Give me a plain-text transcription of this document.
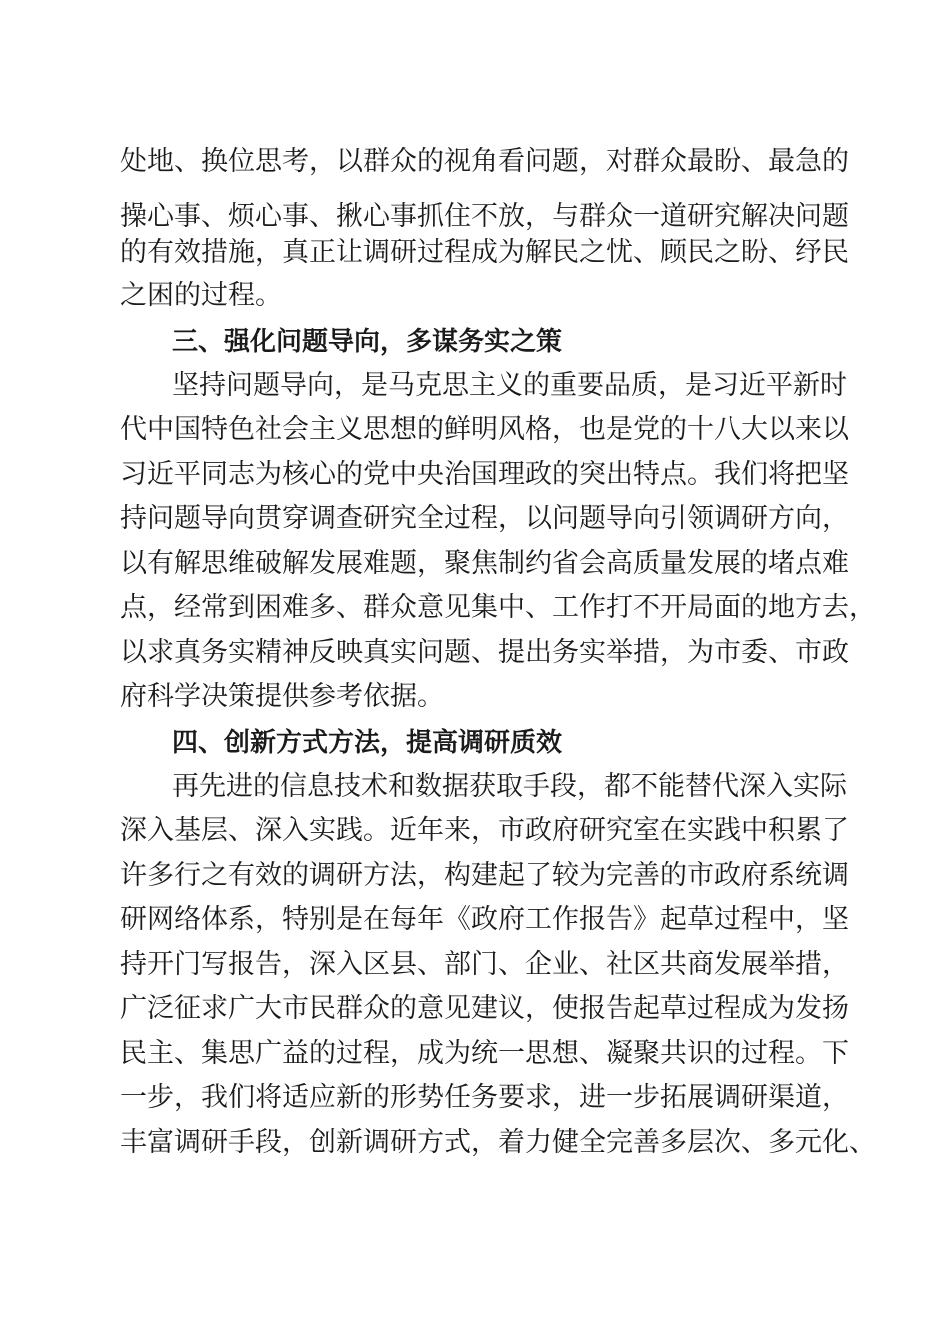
处地、换位思考，以群众的视角看问题，对群众最盼、最急的
操心事、烦心事、揪心事抓住不放，与群众一道研究解决问题
的有效措施，真正让调研过程成为解民之忧、顾民之盼、纾民
之困的过程。
三、强化问题导向，多谋务实之策
坚持问题导向，是马克思主义的重要品质，是习近平新时
代中国特色社会主义思想的鲜明风格，也是党的十八大以来以
习近平同志为核心的党中央治国理政的突出特点。我们将把坚
持问题导向贯穿调查研究全过程，以问题导向引领调研方向，
以有解思维破解发展难题，聚焦制约省会高质量发展的堵点难
点，经常到困难多、群众意见集中、工作打不开局面的地方去，
以求真务实精神反映真实问题、提出务实举措，为市委、市政
府科学决策提供参考依据。
四、创新方式方法，提高调研质效
再先进的信息技术和数据获取手段，都不能替代深入实际
深入基层、深入实践。近年来，市政府研究室在实践中积累了
许多行之有效的调研方法，构建起了较为完善的市政府系统调
研网络体系，特别是在每年《政府工作报告》起草过程中，坚
持开门写报告，深入区县、部门、企业、社区共商发展举措，
广泛征求广大市民群众的意见建议，使报告起草过程成为发扬
民主、集思广益的过程，成为统一思想、凝聚共识的过程。下
一步，我们将适应新的形势任务要求，进一步拓展调研渠道，
丰富调研手段，创新调研方式，着力健全完善多层次、多元化、
